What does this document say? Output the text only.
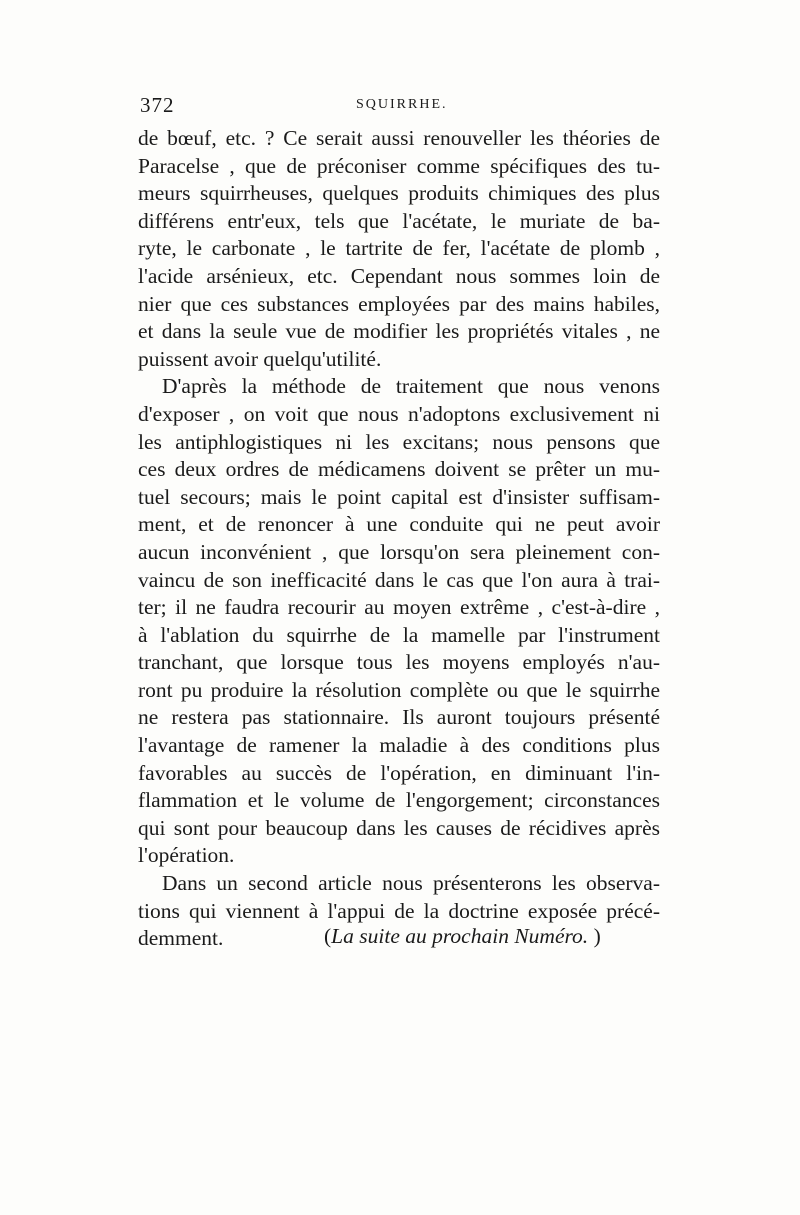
372	SQUIRRHE.
de bœuf, etc. ? Ce serait aussi renouveller les théories de
Paracelse , que de préconiser comme spécifiques des tu-
meurs squirrheuses, quelques produits chimiques des plus
différens entr'eux, tels que l'acétate, le muriate de ba-
ryte, le carbonate , le tartrite de fer, l'acétate de plomb ,
l'acide arsénieux, etc. Cependant nous sommes loin de
nier que ces substances employées par des mains habiles,
et dans la seule vue de modifier les propriétés vitales , ne
puissent avoir quelqu'utilité.
D'après la méthode de traitement que nous venons
d'exposer , on voit que nous n'adoptons exclusivement ni
les antiphlogistiques ni les excitans; nous pensons que
ces deux ordres de médicamens doivent se prêter un mu-
tuel secours; mais le point capital est d'insister suffisam-
ment, et de renoncer à une conduite qui ne peut avoir
aucun inconvénient , que lorsqu'on sera pleinement con-
vaincu de son inefficacité dans le cas que l'on aura à trai-
ter; il ne faudra recourir au moyen extrême , c'est-à-dire ,
à l'ablation du squirrhe de la mamelle par l'instrument
tranchant, que lorsque tous les moyens employés n'au-
ront pu produire la résolution complète ou que le squirrhe
ne restera pas stationnaire. Ils auront toujours présenté
l'avantage de ramener la maladie à des conditions plus
favorables au succès de l'opération, en diminuant l'in-
flammation et le volume de l'engorgement; circonstances
qui sont pour beaucoup dans les causes de récidives après
l'opération.
Dans un second article nous présenterons les observa-
tions qui viennent à l'appui de la doctrine exposée précé-
demment.	(La suite au prochain Numéro. )
